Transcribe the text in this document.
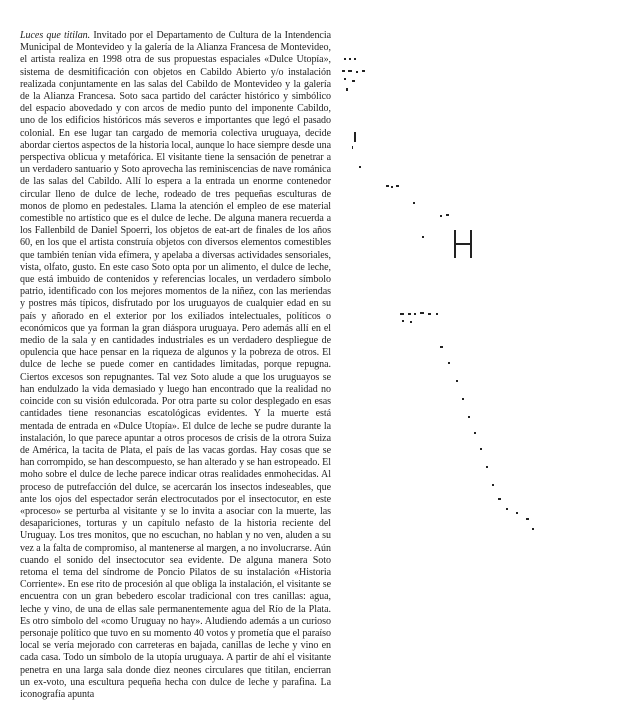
Luces que titilan. Invitado por el Departamento de Cultura de la Intendencia Municipal de Montevideo y la galería de la Alianza Francesa de Montevideo, el artista realiza en 1998 otra de sus propuestas espaciales «Dulce Utopía», sistema de desmitificación con objetos en Cabildo Abierto y/o instalación realizada conjuntamente en las salas del Cabildo de Montevideo y la galería de la Alianza Francesa. Soto saca partido del carácter histórico y simbólico del espacio abovedado y con arcos de medio punto del imponente Cabildo, uno de los edificios históricos más severos e importantes que legó el pasado colonial. En ese lugar tan cargado de memoria colectiva uruguaya, decide abordar ciertos aspectos de la historia local, aunque lo hace siempre desde una perspectiva oblicua y metafórica. El visitante tiene la sensación de penetrar a un verdadero santuario y Soto aprovecha las reminiscencias de nave románica de las salas del Cabildo. Allí lo espera a la entrada un enorme contenedor circular lleno de dulce de leche, rodeado de tres pequeñas esculturas de monos de plomo en pedestales. Llama la atención el empleo de ese material comestible no artístico que es el dulce de leche. De alguna manera recuerda a los Fallenbild de Daniel Spoerri, los objetos de eat-art de finales de los años 60, en los que el artista construía objetos con diversos elementos comestibles que también tenían vida efímera, y apelaba a diversas actividades sensoriales, vista, olfato, gusto. En este caso Soto opta por un alimento, el dulce de leche, que está imbuido de contenidos y referencias locales, un verdadero símbolo patrio, identificado con los mejores momentos de la niñez, con las meriendas y postres más típicos, disfrutado por los uruguayos de cualquier edad en su país y añorado en el exterior por los exiliados intelectuales, políticos o económicos que ya forman la gran diáspora uruguaya. Pero además allí en el medio de la sala y en cantidades industriales es un verdadero despliegue de opulencia que hace pensar en la riqueza de algunos y la pobreza de otros. El dulce de leche se puede comer en cantidades limitadas, porque repugna. Ciertos excesos son repugnantes. Tal vez Soto alude a que los uruguayos se han endulzado la vida demasiado y luego han encontrado que la realidad no coincide con su visión edulcorada. Por otra parte su color desplegado en esas cantidades tiene resonancias escatológicas evidentes. Y la muerte está mentada de entrada en «Dulce Utopía». El dulce de leche se pudre durante la instalación, lo que parece apuntar a otros procesos de crisis de la otrora Suiza de América, la tacita de Plata, el país de las vacas gordas. Hay cosas que se han corrompido, se han descompuesto, se han alterado y se han estropeado. El moho sobre el dulce de leche parece indicar otras realidades enmohecidas. Al proceso de putrefacción del dulce, se acercarán los insectos indeseables, que ante los ojos del espectador serán electrocutados por el insectocutor, en este «proceso» se perturba al visitante y se lo invita a asociar con la muerte, las desapariciones, torturas y un capítulo nefasto de la historia reciente del Uruguay. Los tres monitos, que no escuchan, no hablan y no ven, aluden a su vez a la falta de compromiso, al mantenerse al margen, a no involucrarse. Aún cuando el sonido del insectocutor sea evidente. De alguna manera Soto retoma el tema del síndrome de Poncio Pilatos de su instalación «Historia Corriente». En ese rito de procesión al que obliga la instalación, el visitante se encuentra con un gran bebedero escolar tradicional con tres canillas: agua, leche y vino, de una de ellas sale permanentemente agua del Río de la Plata. Es otro símbolo del «como Uruguay no hay». Aludiendo además a un curioso personaje político que tuvo en su momento 40 votos y prometía que el paraíso local se vería mejorado con carreteras en bajada, canillas de leche y vino en cada casa. Todo un símbolo de la utopía uruguaya. A partir de ahí el visitante penetra en una larga sala donde diez neones circulares que titilan, encierran un ex-voto, una escultura pequeña hecha con dulce de leche y parafina. La iconografía apunta
